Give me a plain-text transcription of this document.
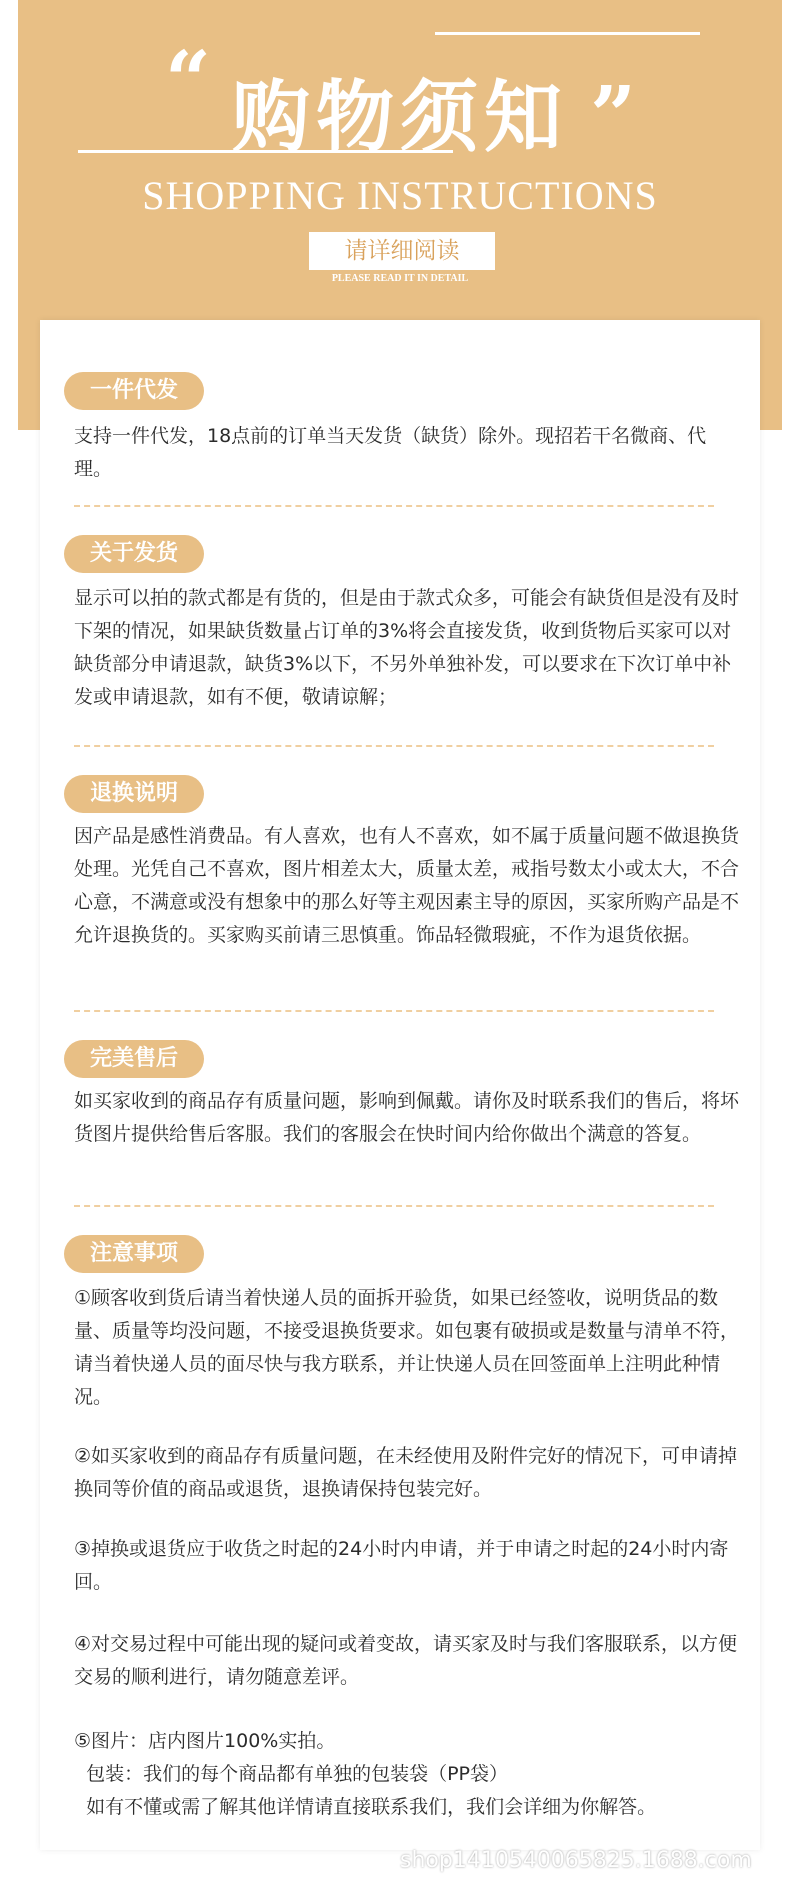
“	”
购物须知
SHOPPING INSTRUCTIONS
请详细阅读
PLEASE READ IT IN DETAIL
一件代发

支持一件代发，18点前的订单当天发货（缺货）除外。现招若干名微商、代理。

关于发货

显示可以拍的款式都是有货的，但是由于款式众多，可能会有缺货但是没有及时下架的情况，如果缺货数量占订单的3%将会直接发货，收到货物后买家可以对缺货部分申请退款，缺货3%以下，不另外单独补发，可以要求在下次订单中补发或申请退款，如有不便，敬请谅解；

退换说明

因产品是感性消费品。有人喜欢，也有人不喜欢，如不属于质量问题不做退换货处理。光凭自己不喜欢，图片相差太大，质量太差，戒指号数太小或太大，不合心意，不满意或没有想象中的那么好等主观因素主导的原因，买家所购产品是不允许退换货的。买家购买前请三思慎重。饰品轻微瑕疵，不作为退货依据。

完美售后

如买家收到的商品存有质量问题，影响到佩戴。请你及时联系我们的售后，将坏货图片提供给售后客服。我们的客服会在快时间内给你做出个满意的答复。

注意事项

①顾客收到货后请当着快递人员的面拆开验货，如果已经签收，说明货品的数量、质量等均没问题，不接受退换货要求。如包裹有破损或是数量与清单不符，请当着快递人员的面尽快与我方联系，并让快递人员在回签面单上注明此种情况。

②如买家收到的商品存有质量问题，在未经使用及附件完好的情况下，可申请掉换同等价值的商品或退货，退换请保持包装完好。

③掉换或退货应于收货之时起的24小时内申请，并于申请之时起的24小时内寄回。

④对交易过程中可能出现的疑问或着变故，请买家及时与我们客服联系，以方便交易的顺利进行，请勿随意差评。

⑤图片：店内图片100%实拍。

包装：我们的每个商品都有单独的包装袋（PP袋）

如有不懂或需了解其他详情请直接联系我们，我们会详细为你解答。

shop1410540065825.1688.com
